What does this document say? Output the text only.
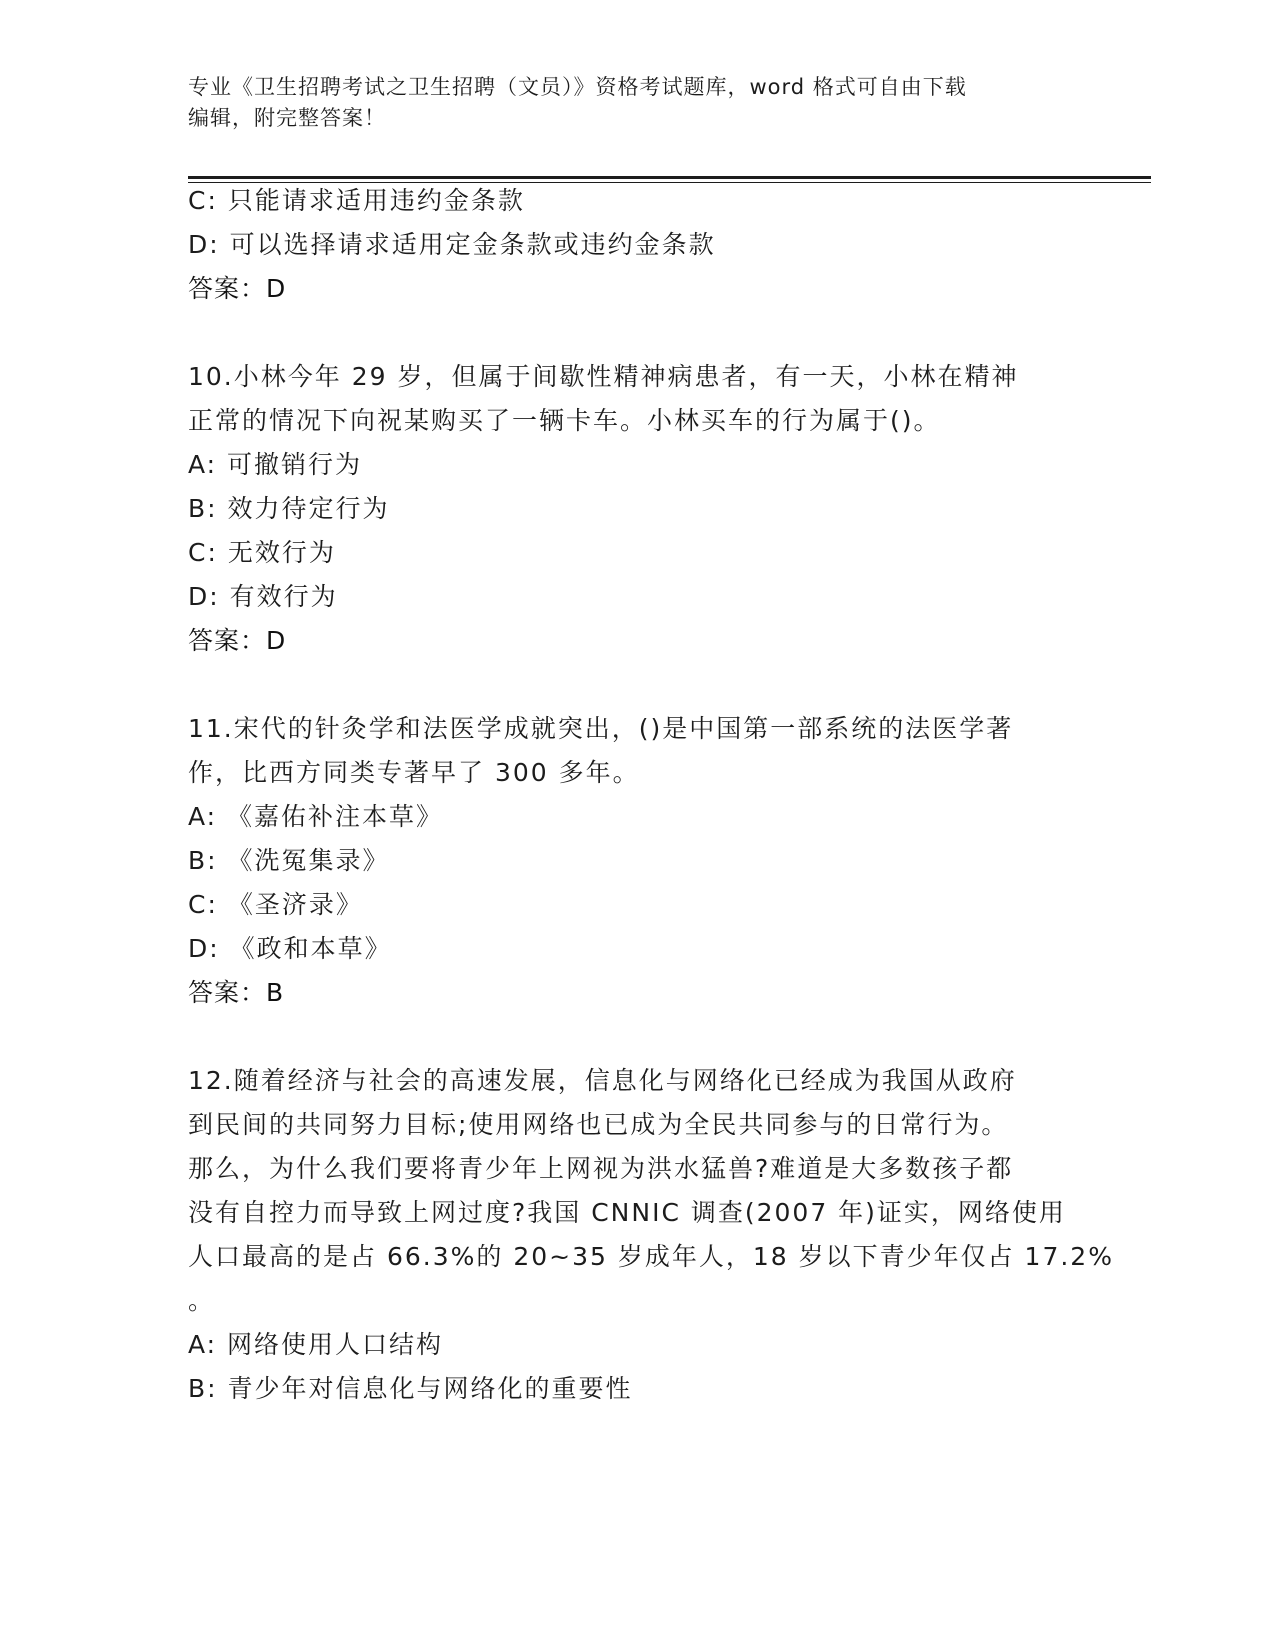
专业《卫生招聘考试之卫生招聘（文员）》资格考试题库，word 格式可自由下载
编辑，附完整答案！
C: 只能请求适用违约金条款
D: 可以选择请求适用定金条款或违约金条款
答案：D
10.小林今年 29 岁，但属于间歇性精神病患者，有一天，小林在精神
正常的情况下向祝某购买了一辆卡车。小林买车的行为属于()。
A: 可撤销行为
B: 效力待定行为
C: 无效行为
D: 有效行为
答案：D
11.宋代的针灸学和法医学成就突出，()是中国第一部系统的法医学著
作，比西方同类专著早了 300 多年。
A: 《嘉佑补注本草》
B: 《洗冤集录》
C: 《圣济录》
D: 《政和本草》
答案：B
12.随着经济与社会的高速发展，信息化与网络化已经成为我国从政府
到民间的共同努力目标;使用网络也已成为全民共同参与的日常行为。
那么，为什么我们要将青少年上网视为洪水猛兽?难道是大多数孩子都
没有自控力而导致上网过度?我国 CNNIC 调查(2007 年)证实，网络使用
人口最高的是占 66.3%的 20~35 岁成年人，18 岁以下青少年仅占 17.2%
。
A: 网络使用人口结构
B: 青少年对信息化与网络化的重要性
